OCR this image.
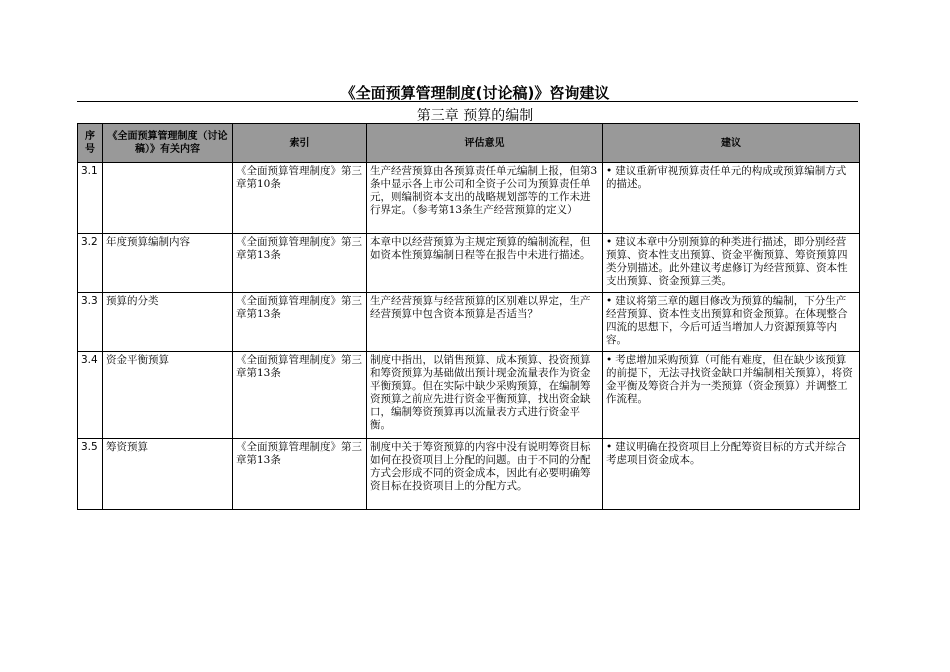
《全面预算管理制度(讨论稿)》咨询建议
第三章 预算的编制
序号	《全面预算管理制度（讨论稿）》有关内容	索引	评估意见	建议
3.1		《全面预算管理制度》第三章第10条	生产经营预算由各预算责任单元编制上报，但第3条中显示各上市公司和全资子公司为预算责任单元，则编制资本支出的战略规划部等的工作未进行界定。（参考第13条生产经营预算的定义）	• 建议重新审视预算责任单元的构成或预算编制方式的描述。
3.2	年度预算编制内容	《全面预算管理制度》第三章第13条	本章中以经营预算为主规定预算的编制流程，但如资本性预算编制日程等在报告中未进行描述。	• 建议本章中分别预算的种类进行描述，即分别经营预算、资本性支出预算、资金平衡预算、筹资预算四类分别描述。此外建议考虑修订为经营预算、资本性支出预算、资金预算三类。
3.3	预算的分类	《全面预算管理制度》第三章第13条	生产经营预算与经营预算的区别难以界定，生产经营预算中包含资本预算是否适当？	• 建议将第三章的题目修改为预算的编制，下分生产经营预算、资本性支出预算和资金预算。在体现整合四流的思想下，今后可适当增加人力资源预算等内容。
3.4	资金平衡预算	《全面预算管理制度》第三章第13条	制度中指出，以销售预算、成本预算、投资预算和筹资预算为基础做出预计现金流量表作为资金平衡预算。但在实际中缺少采购预算，在编制筹资预算之前应先进行资金平衡预算，找出资金缺口，编制筹资预算再以流量表方式进行资金平衡。	• 考虑增加采购预算（可能有难度，但在缺少该预算的前提下，无法寻找资金缺口并编制相关预算），将资金平衡及筹资合并为一类预算（资金预算）并调整工作流程。
3.5	筹资预算	《全面预算管理制度》第三章第13条	制度中关于筹资预算的内容中没有说明筹资目标如何在投资项目上分配的问题。由于不同的分配方式会形成不同的资金成本，因此有必要明确筹资目标在投资项目上的分配方式。	• 建议明确在投资项目上分配筹资目标的方式并综合考虑项目资金成本。
